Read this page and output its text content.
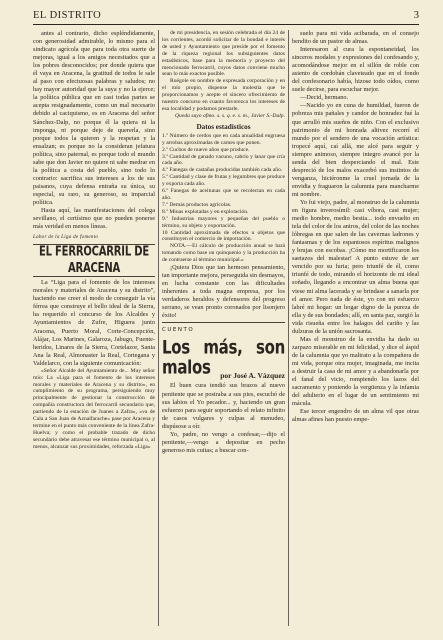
EL DISTRITO	3

antes al contrario, dicho espléndidamente, con generosidad admirable, lo mismo para el sindicato agrícola que para toda otra suerte de mejoras, igual a los amigos necesitados que a los pobres desconocidos; por donde quiera que él vaya en Aracena, la gratitud de todos le sale al paso con efectuosas palabras y saludos; no hay mayor autoridad que la suya y no la ejerce; la política pública que en casi todas partes se acepta resignadamente, como un mal necesario debido al caciquismo, es en Aracena del señor Sánchez-Dalp, no porque él la quiera ni la imponga, ni porque deje de quererla, sino porque todos la quieren y la respetan y la ensalzan; es porque no la consideran jefatura política, sino paternal, es porque todo el mundo sabe que don Javier no quiere ni sabe medrar en la política a costa del pueblo, sino todo lo contrario: sacrifica sus intereses a los de sus paisanos, cuya defensa entraña su única, su especial, su raro, su generoso, su imparcial política.

Hasta aquí, las manifestaciones del colega sevillano, el certísimo que no pueden ponerse más veridad en menos líneas.

Labor de la Liga de fomento
EL FERROCARRIL DE ARACENA

La “Liga para el fomento de los intereses morales y materiales de Aracena y su distrito”, haciendo ese creer el modo de conseguir la vía férrea que construye el bello ideal de la Sierra, ha requerido el concurso de los Alcaldes y Ayuntamientos de Zufre, Higuera junto Aracena, Puerto Moral, Corte-Concepción, Alájar, Los Marines, Galaroza, Jabugo, Fuente-heridos, Linares de la Sierra, Cortelazor, Santa Ana la Real, Almonaster la Real, Cortegana y Valdelarco, con la siguiente comunicación:

«Señor Alcalde del Ayuntamiento de... Muy señor mío: La «Liga para el fomento de los intereses morales y materiales de Aracena y su distrito», en cumplimiento de su programa, persiguiendo muy principalmente de gestionar la construcción de compañía constructora del ferrocarril secundario que, partiendo de la estación de Juanes a Zafra», «va de Cala a San Juan de Aznalfarache» pase por Aracena y termine en el punto más conveniente de la línea Zafra-Huelva; y como el probable trazado de dicho secundario debe atravesar ese término municipal o, al menos, alcanzar sus proximidades, reforzada «Liga»

de mi presidencia, en sesión celebrada el día 24 de los corrientes, acordó solicitar de la bondad e interés de usted y Ayuntamiento que preside por el fomento de la riqueza regional los subsiguientes datos estadísticos, base para la memoria y proyecto del mencionado ferrocarril, cuyos datos conviene mucho sean lo más exactos posible.

Ruégole en nombre de expresada corporación y en el mío propio, dispense la molestia que le proporcionamos y acepte el sincero ofrecimiento de nuestro concurso en cuanto favorezca los intereses de esa localidad y podamos prestarle.

Queda suyo afmo. s. s. q. e. s. m., Javier S.-Dalp.

Datos estadísticos

1.º Número de cerdos que en cada anualidad engruesa y arrobas aproximadas de carnes que ponen.

2.º Cuchos de nueve años que produce.

3.º Cantidad de ganado vacuno, cabrío y lanar que cría cada año.

4.º Fanegas de castañas producidas también cada año.

5.º Cantidad y clase de frutas y legumbres que produce y exporta cada año.

6.º Fanegas de aceitunas que se recolectan en cada año.

7.º Demás productos agrícolas.

8.º Minas explotadas y en explotación.

9.º Industrias mayores y pequeñas del pueblo o término, su objeto y exportación.

10 Cantidad aproximada de efectos u objetos que constituyen el comercio de importación.

NOTA.—El cálculo de producción anual se hará tomando como base un quinquenio y la producción ha de contraerse al término municipal.»

¡Quiera Dios que tan hermoso pensamiento, tan importante mejora, perseguida sin desmayos, en lucha constante con las dificultades inherentes a toda magna empresa, por los verdaderos heraldos y defensores del progreso serrano, se vean pronto coronados por lisonjero éxito!

CUENTO
Los más, son malos	por José A. Vázquez

El buen cura tendió sus brazos al nuevo penitente que se postraba a sus pies, escuchó de sus labios el Yo pecador... y, haciendo un gran esfuerzo para seguir soportando el relato infinito de casos vulgares y culpas al menudeo, dispúsose a oír.

Yo, padre, no vengo a confesar,—dijo el penitente,—vengo a depositar en pecho generoso mis cuitas; a buscar con-

suelo para mi vida acibarada, en el consejo bendito de un pastor de almas.

Interesaron al cura la espontaneidad, los sinceros modales y expresiones del confesando y, acomodándose mejor en el sillón de roble con asiento de cordobán claveteado que en el fondo del confesonario había, hizose todo oídos, como suele decirse, para escuchar mejor.

—Decid, hermano.

—Nacido yo en cuna de humildad, fueron de pobreza mis pañales y candor de honradez fué la que arrulló mis sueños de niño. Con el exclusivo patrimonio de mi honrada altivez recorrí el mundo por el sendero de una vocación artística: tropecé aquí, caí allá, me alcé para seguir y siempre animoso, siempre integro avancé por la senda del bien desperciando el mal. Este despreció de los malos exacerbó sus instintos de venganza, hiciéronme la cruel jornada de la envidia y fraguaron la calumnia para mancharme mi nombre.

Yo fui viejo, padre, al monstruo de la calumnia en figura inverosímil: casi víbora, casi mujer; medio hombre, medio bestia... todo envuelto en tela del color de los antros, del color de las noches lóbregas en que salen de las cavernas ladrones y fantasmas y de los espantosos espíritus malignos y brujas con escobas. ¡Cómo me mortificaron los saetazos del malestar! A punto estuve de ser vencido por su furia; pero triunfé de él, como triunfé de todo, mirando el horizonte de mi ideal soñado, llegando a encontrar un alma buena que viese mi alma lacerada y se brindase a sanarla por el amor. Pero nada de éste, yo con mi esfuerzo labré mi hogar: un hogar digno de la pureza de ella y de sus bondades; allí, en santa paz, surgió la vida risueña entre los halagos del cariño y las dulzuras de la unión sacrosanta.

Mas el monstruo de la envidia ha dado su zarpazo miserable en mi felicidad, y dice el áspid de la calumnia que yo maltrato a la compañera de mi vida, porque otra mujer, imaginada, me incita a destruir la casa de mi amor y a abandonarla por el fanal del vicio, rompiendo los lazos del sacramento y poniendo la vergüenza y la infamia del adulterio en el lugar de un sentimiento mi mácula.

Ese tercer engendro de un alma vil que otras almas afines han puesto empe-
